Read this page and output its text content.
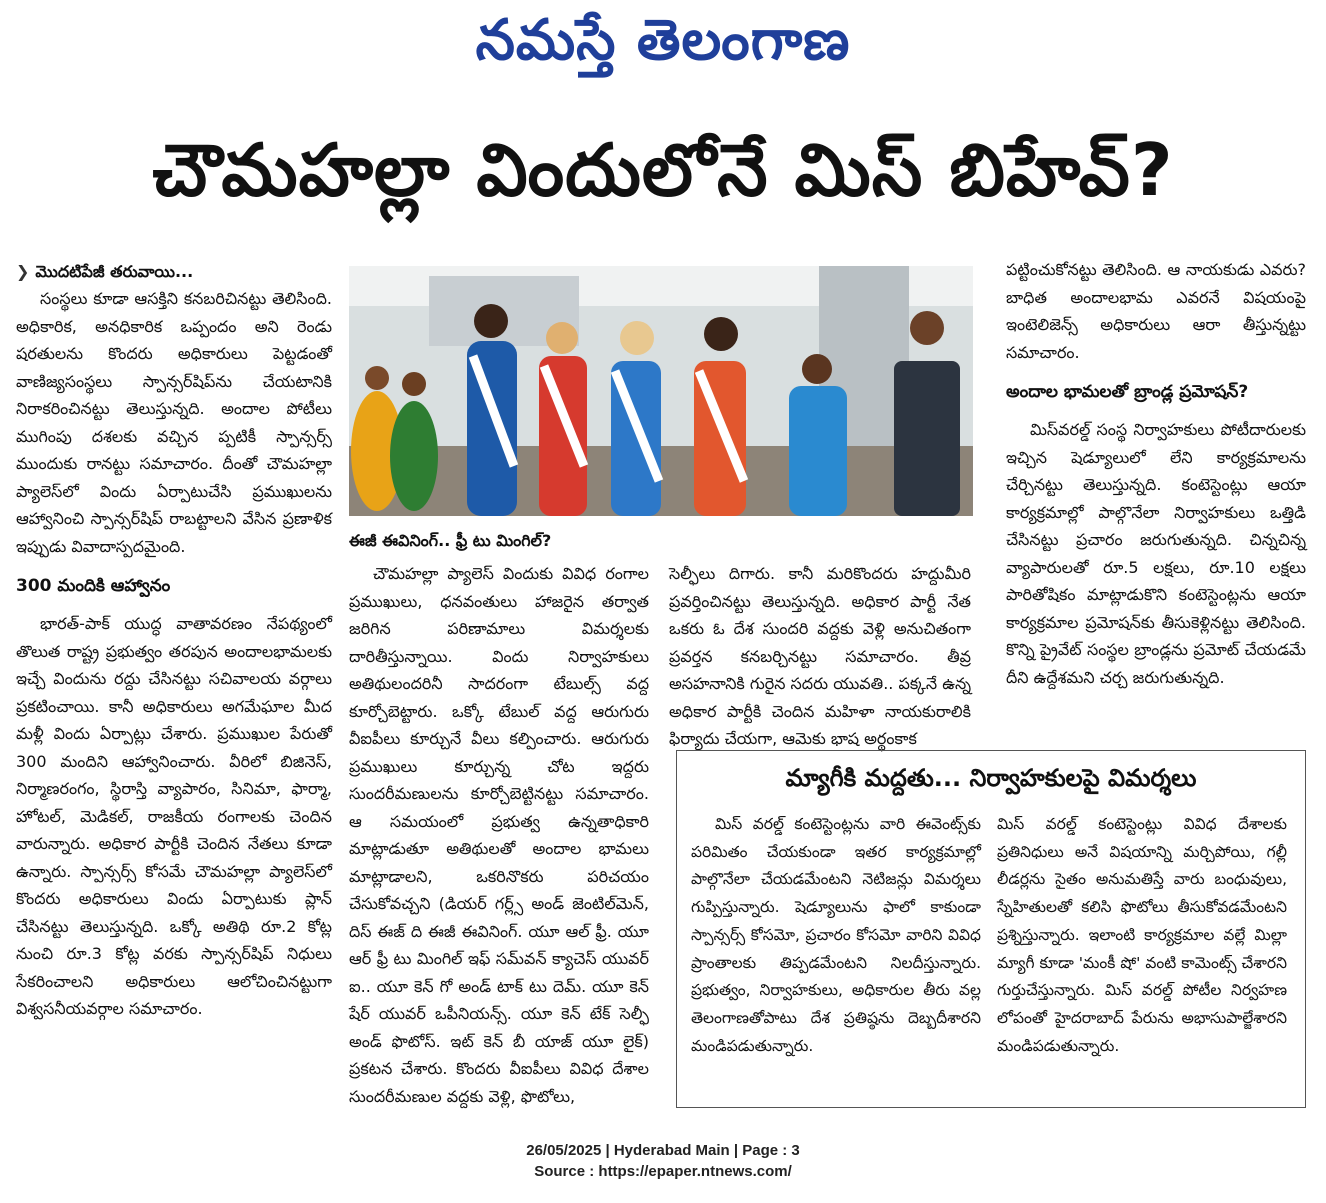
నమస్తే తెలంగాణ
చౌమహల్లా విందులోనే మిస్ బిహేవ్?
❯ మొదటిపేజీ తరువాయి...

సంస్థలు కూడా ఆసక్తిని కనబరిచినట్టు తెలిసింది. అధికారిక, అనధికారిక ఒప్పందం అని రెండు షరతులను కొందరు అధికారులు పెట్టడంతో వాణిజ్యసంస్థలు స్పాన్సర్‌షిప్‌ను చేయటానికి నిరాకరించినట్టు తెలుస్తున్నది. అందాల పోటీలు ముగింపు దశలకు వచ్చిన ప్పటికీ స్పాన్సర్స్ ముందుకు రానట్టు సమాచారం. దీంతో చౌమహల్లా ప్యాలెస్‌లో విందు ఏర్పాటుచేసి ప్రముఖులను ఆహ్వానించి స్పాన్సర్‌షిప్ రాబట్టాలని వేసిన ప్రణాళిక ఇప్పుడు వివాదాస్పదమైంది.

300 మందికి ఆహ్వానం

భారత్-పాక్ యుద్ధ వాతావరణం నేపథ్యంలో తొలుత రాష్ట్ర ప్రభుత్వం తరపున అందాలభామలకు ఇచ్చే విందును రద్దు చేసినట్టు సచివాలయ వర్గాలు ప్రకటించాయి. కానీ అధికారులు అగమేఘాల మీద మళ్లీ విందు ఏర్పాట్లు చేశారు. ప్రముఖుల పేరుతో 300 మందిని ఆహ్వానించారు. వీరిలో బిజినెస్, నిర్మాణరంగం, స్థిరాస్తి వ్యాపారం, సినిమా, ఫార్మా, హోటల్, మెడికల్, రాజకీయ రంగాలకు చెందిన వారున్నారు. అధికార పార్టీకి చెందిన నేతలు కూడా ఉన్నారు. స్పాన్సర్స్ కోసమే చౌమహల్లా ప్యాలెస్‌లో కొందరు అధికారులు విందు ఏర్పాటుకు ప్లాన్ చేసినట్టు తెలుస్తున్నది. ఒక్కో అతిథి రూ.2 కోట్ల నుంచి రూ.3 కోట్ల వరకు స్పాన్సర్‌షిప్ నిధులు సేకరించాలని అధికారులు ఆలోచించినట్టుగా విశ్వసనీయవర్గాల సమాచారం.

ఈజీ ఈవినింగ్.. ఫ్రీ టు మింగిల్?

చౌమహల్లా ప్యాలెస్ విందుకు వివిధ రంగాల ప్రముఖులు, ధనవంతులు హాజరైన తర్వాత జరిగిన పరిణామాలు విమర్శలకు దారితీస్తున్నాయి. విందు నిర్వాహకులు అతిథులందరినీ సాదరంగా టేబుల్స్ వద్ద కూర్చోబెట్టారు. ఒక్కో టేబుల్ వద్ద ఆరుగురు వీఐపీలు కూర్చునే వీలు కల్పించారు. ఆరుగురు ప్రముఖులు కూర్చున్న చోట ఇద్దరు సుందరీమణులను కూర్చోబెట్టినట్టు సమాచారం. ఆ సమయంలో ప్రభుత్వ ఉన్నతాధికారి మాట్లాడుతూ అతిథులతో అందాల భామలు మాట్లాడాలని, ఒకరినొకరు పరిచయం చేసుకోవచ్చని (డియర్ గర్ల్స్ అండ్ జెంటిల్‌మెన్, దిస్ ఈజ్ ది ఈజీ ఈవినింగ్. యూ ఆల్ ఫ్రీ. యూ ఆర్ ఫ్రీ టు మింగిల్ ఇఫ్ సమ్‌వన్ క్యాచెస్ యువర్ ఐ.. యూ కెన్ గో అండ్ టాక్ టు దెమ్. యూ కెన్ షేర్ యువర్ ఒపీనియన్స్. యూ కెన్ టేక్ సెల్ఫీ అండ్ ఫొటోస్. ఇట్ కెన్ బీ యాజ్ యూ లైక్) ప్రకటన చేశారు. కొందరు వీఐపీలు వివిధ దేశాల సుందరీమణుల వద్దకు వెళ్లి, ఫొటోలు,

సెల్ఫీలు దిగారు. కానీ మరికొందరు హద్దుమీరి ప్రవర్తించినట్టు తెలుస్తున్నది. అధికార పార్టీ నేత ఒకరు ఓ దేశ సుందరి వద్దకు వెళ్లి అనుచితంగా ప్రవర్తన కనబర్చినట్టు సమాచారం. తీవ్ర అసహనానికి గురైన సదరు యువతి.. పక్కనే ఉన్న అధికార పార్టీకి చెందిన మహిళా నాయకురాలికి ఫిర్యాదు చేయగా, ఆమెకు భాష అర్థంకాక

పట్టించుకోనట్టు తెలిసింది. ఆ నాయకుడు ఎవరు? బాధిత అందాలభామ ఎవరనే విషయంపై ఇంటెలిజెన్స్ అధికారులు ఆరా తీస్తున్నట్టు సమాచారం.

అందాల భామలతో బ్రాండ్ల ప్రమోషన్?

మిస్‌వరల్డ్ సంస్థ నిర్వాహకులు పోటీదారులకు ఇచ్చిన షెడ్యూలులో లేని కార్యక్రమాలను చేర్చినట్టు తెలుస్తున్నది. కంటెస్టెంట్లు ఆయా కార్యక్రమాల్లో పాల్గొనేలా నిర్వాహకులు ఒత్తిడి చేసినట్టు ప్రచారం జరుగుతున్నది. చిన్నచిన్న వ్యాపారులతో రూ.5 లక్షలు, రూ.10 లక్షలు పారితోషికం మాట్లాడుకొని కంటెస్టెంట్లను ఆయా కార్యక్రమాల ప్రమోషన్‌కు తీసుకెళ్లినట్టు తెలిసింది. కొన్ని ప్రైవేట్ సంస్థల బ్రాండ్లను ప్రమోట్ చేయడమే దీని ఉద్దేశమని చర్చ జరుగుతున్నది.

మ్యాగీకి మద్దతు... నిర్వాహకులపై విమర్శలు

మిస్ వరల్డ్ కంటెస్టెంట్లను వారి ఈవెంట్స్‌కు పరిమితం చేయకుండా ఇతర కార్యక్రమాల్లో పాల్గొనేలా చేయడమేంటని నెటిజన్లు విమర్శలు గుప్పిస్తున్నారు. షెడ్యూలును ఫాలో కాకుండా స్పాన్సర్స్ కోసమో, ప్రచారం కోసమో వారిని వివిధ ప్రాంతాలకు తిప్పడమేంటని నిలదీస్తున్నారు. ప్రభుత్వం, నిర్వాహకులు, అధికారుల తీరు వల్ల తెలంగాణతోపాటు దేశ ప్రతిష్ఠను దెబ్బదీశారని మండిపడుతున్నారు.

మిస్ వరల్డ్ కంటెస్టెంట్లు వివిధ దేశాలకు ప్రతినిధులు అనే విషయాన్ని మర్చిపోయి, గల్లీ లీడర్లను సైతం అనుమతిస్తే వారు బంధువులు, స్నేహితులతో కలిసి ఫొటోలు తీసుకోవడమేంటని ప్రశ్నిస్తున్నారు. ఇలాంటి కార్యక్రమాల వల్లే మిల్లా మ్యాగీ కూడా 'మంకీ షో' వంటి కామెంట్స్ చేశారని గుర్తుచేస్తున్నారు. మిస్ వరల్డ్ పోటీల నిర్వహణ లోపంతో హైదరాబాద్ పేరును అభాసుపాల్జేశారని మండిపడుతున్నారు.

26/05/2025 | Hyderabad Main | Page : 3
Source : https://epaper.ntnews.com/
